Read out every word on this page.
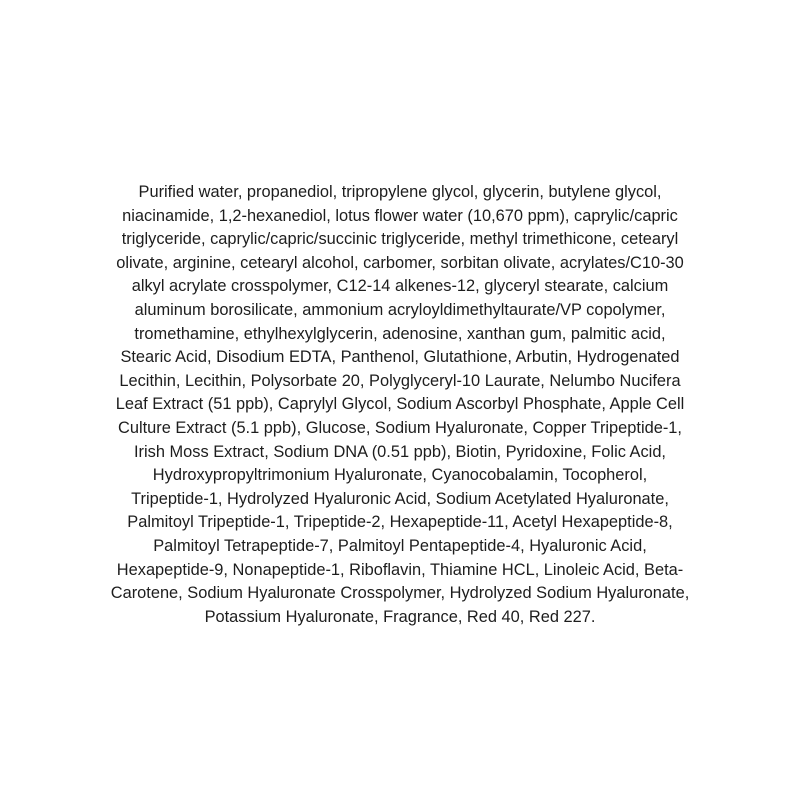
Purified water, propanediol, tripropylene glycol, glycerin, butylene glycol,
niacinamide, 1,2-hexanediol, lotus flower water (10,670 ppm), caprylic/capric
triglyceride, caprylic/capric/succinic triglyceride, methyl trimethicone, cetearyl
olivate, arginine, cetearyl alcohol, carbomer, sorbitan olivate, acrylates/C10-30
alkyl acrylate crosspolymer, C12-14 alkenes-12, glyceryl stearate, calcium
aluminum borosilicate, ammonium acryloyldimethyltaurate/VP copolymer,
tromethamine, ethylhexylglycerin, adenosine, xanthan gum, palmitic acid,
Stearic Acid, Disodium EDTA, Panthenol, Glutathione, Arbutin, Hydrogenated
Lecithin, Lecithin, Polysorbate 20, Polyglyceryl-10 Laurate, Nelumbo Nucifera
Leaf Extract (51 ppb), Caprylyl Glycol, Sodium Ascorbyl Phosphate, Apple Cell
Culture Extract (5.1 ppb), Glucose, Sodium Hyaluronate, Copper Tripeptide-1,
Irish Moss Extract, Sodium DNA (0.51 ppb), Biotin, Pyridoxine, Folic Acid,
Hydroxypropyltrimonium Hyaluronate, Cyanocobalamin, Tocopherol,
Tripeptide-1, Hydrolyzed Hyaluronic Acid, Sodium Acetylated Hyaluronate,
Palmitoyl Tripeptide-1, Tripeptide-2, Hexapeptide-11, Acetyl Hexapeptide-8,
Palmitoyl Tetrapeptide-7, Palmitoyl Pentapeptide-4, Hyaluronic Acid,
Hexapeptide-9, Nonapeptide-1, Riboflavin, Thiamine HCL, Linoleic Acid, Beta-
Carotene, Sodium Hyaluronate Crosspolymer, Hydrolyzed Sodium Hyaluronate,
Potassium Hyaluronate, Fragrance, Red 40, Red 227.
